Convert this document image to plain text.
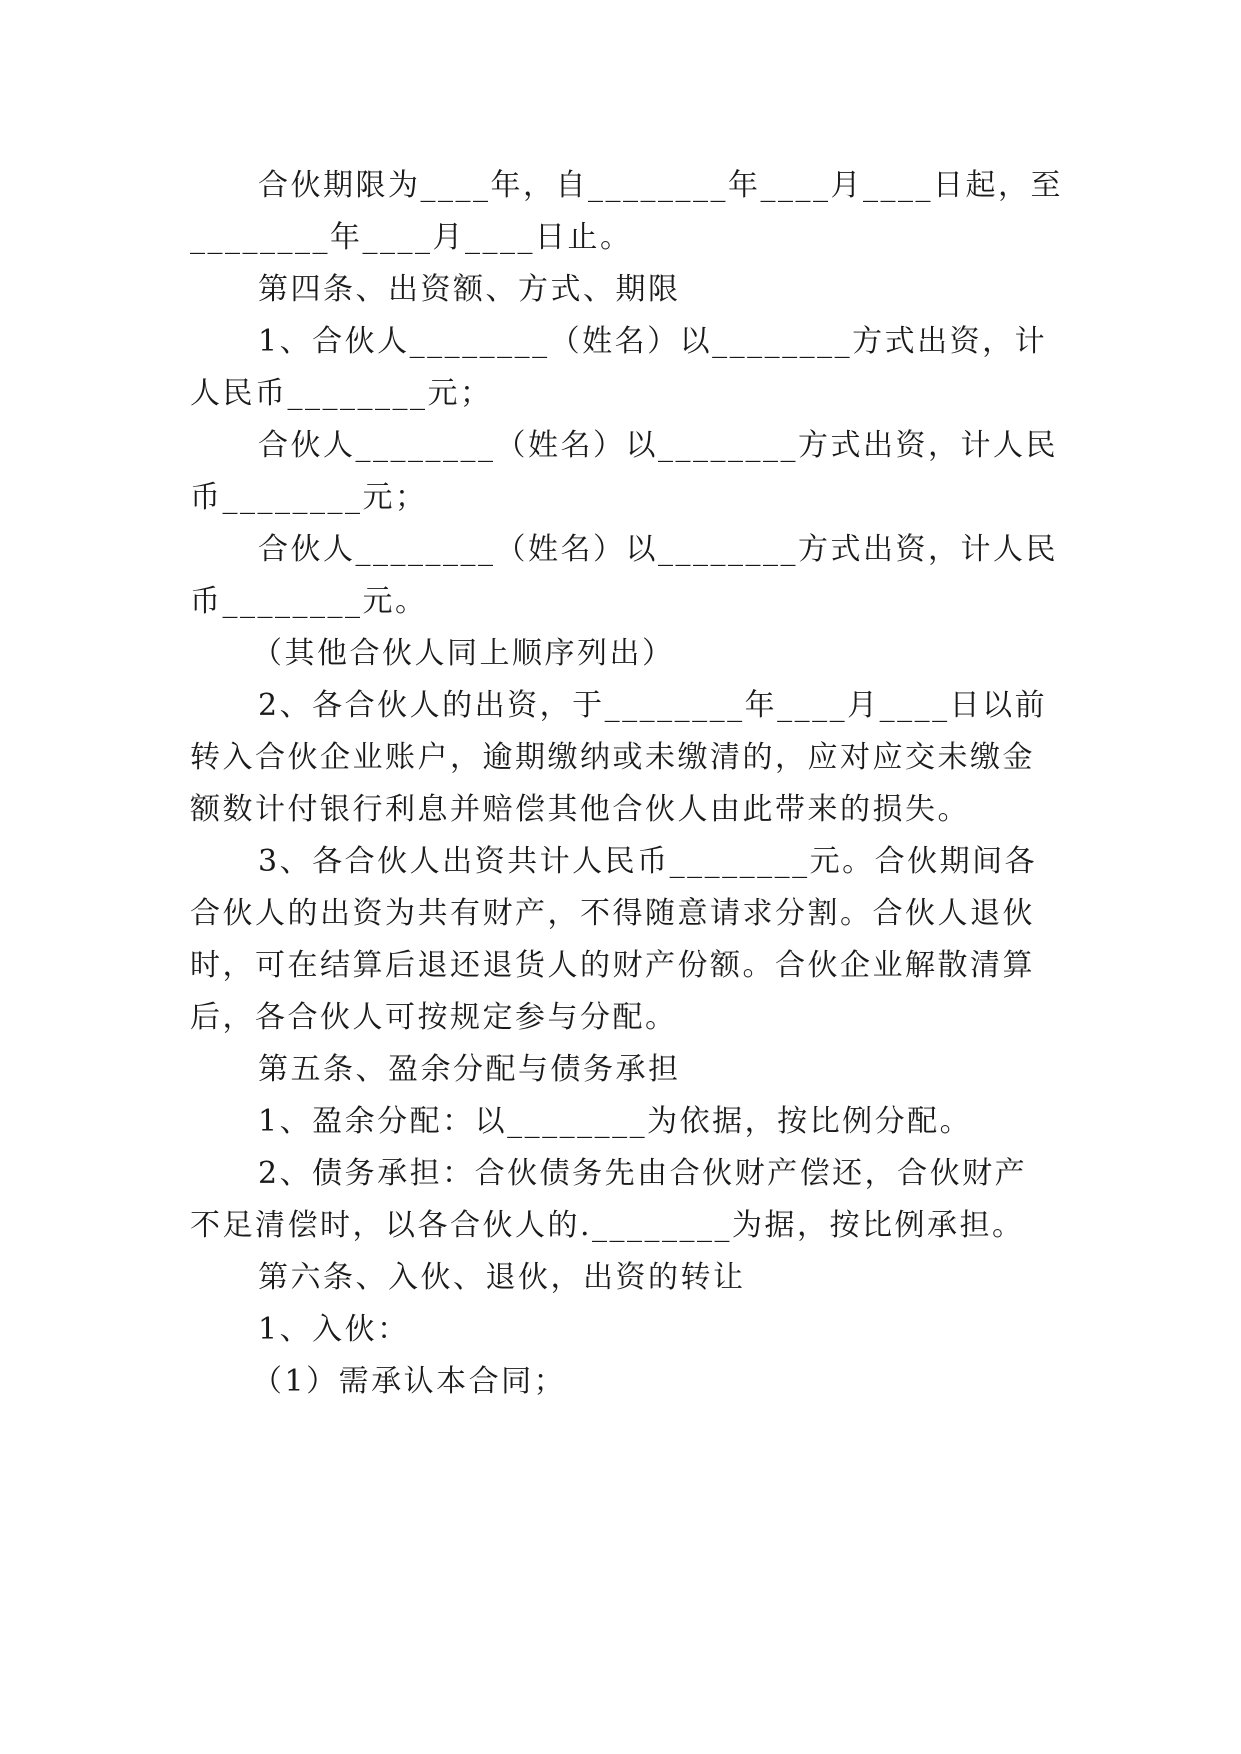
合伙期限为____年，自________年____月____日起，至
________年____月____日止。
第四条、出资额、方式、期限
1、合伙人________（姓名）以________方式出资，计
人民币________元；
合伙人________（姓名）以________方式出资，计人民
币________元；
合伙人________（姓名）以________方式出资，计人民
币________元。
（其他合伙人同上顺序列出）
2、各合伙人的出资，于________年____月____日以前
转入合伙企业账户，逾期缴纳或未缴清的，应对应交未缴金
额数计付银行利息并赔偿其他合伙人由此带来的损失。
3、各合伙人出资共计人民币________元。合伙期间各
合伙人的出资为共有财产，不得随意请求分割。合伙人退伙
时，可在结算后退还退货人的财产份额。合伙企业解散清算
后，各合伙人可按规定参与分配。
第五条、盈余分配与债务承担
1、盈余分配：以________为依据，按比例分配。
2、债务承担：合伙债务先由合伙财产偿还，合伙财产
不足清偿时，以各合伙人的.________为据，按比例承担。
第六条、入伙、退伙，出资的转让
1、入伙：
（1）需承认本合同；
